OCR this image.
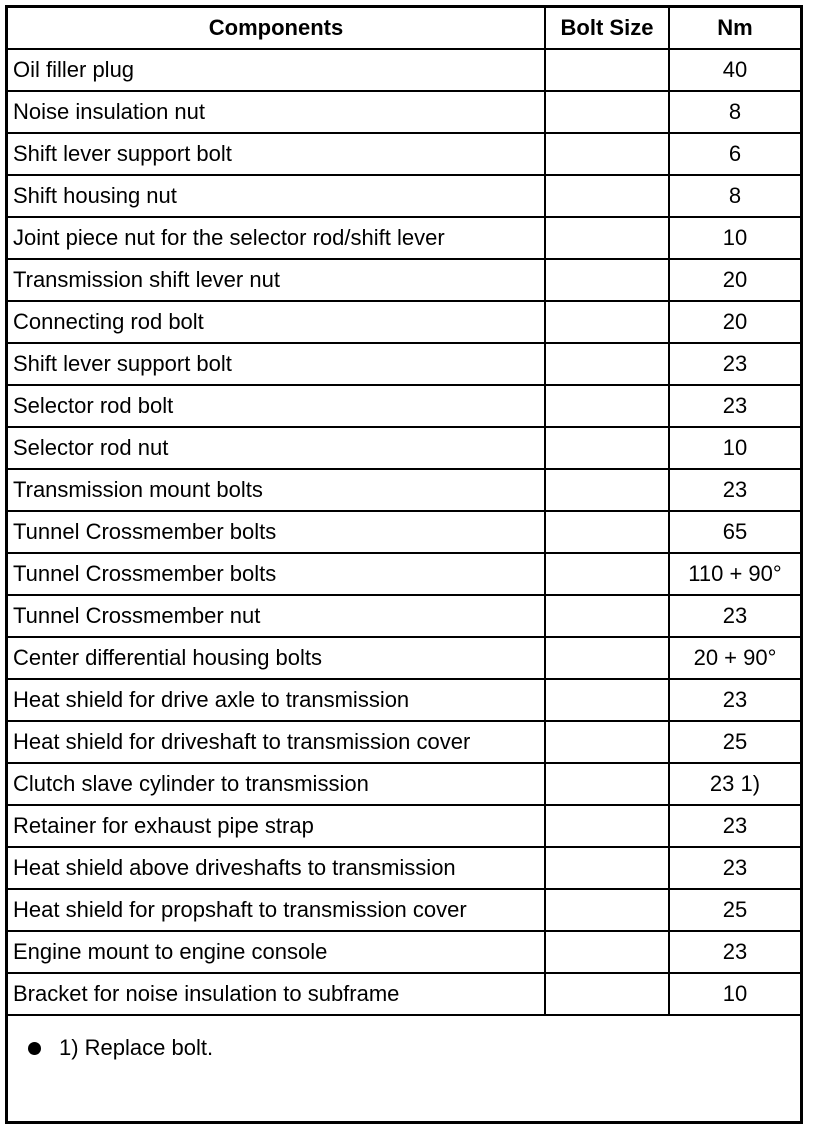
Components	Bolt Size	Nm
Oil filler plug		40
Noise insulation nut		8
Shift lever support bolt		6
Shift housing nut		8
Joint piece nut for the selector rod/shift lever		10
Transmission shift lever nut		20
Connecting rod bolt		20
Shift lever support bolt		23
Selector rod bolt		23
Selector rod nut		10
Transmission mount bolts		23
Tunnel Crossmember bolts		65
Tunnel Crossmember bolts		110 + 90°
Tunnel Crossmember nut		23
Center differential housing bolts		20 + 90°
Heat shield for drive axle to transmission		23
Heat shield for driveshaft to transmission cover		25
Clutch slave cylinder to transmission		23 1)
Retainer for exhaust pipe strap		23
Heat shield above driveshafts to transmission		23
Heat shield for propshaft to transmission cover		25
Engine mount to engine console		23
Bracket for noise insulation to subframe		10
1) Replace bolt.
